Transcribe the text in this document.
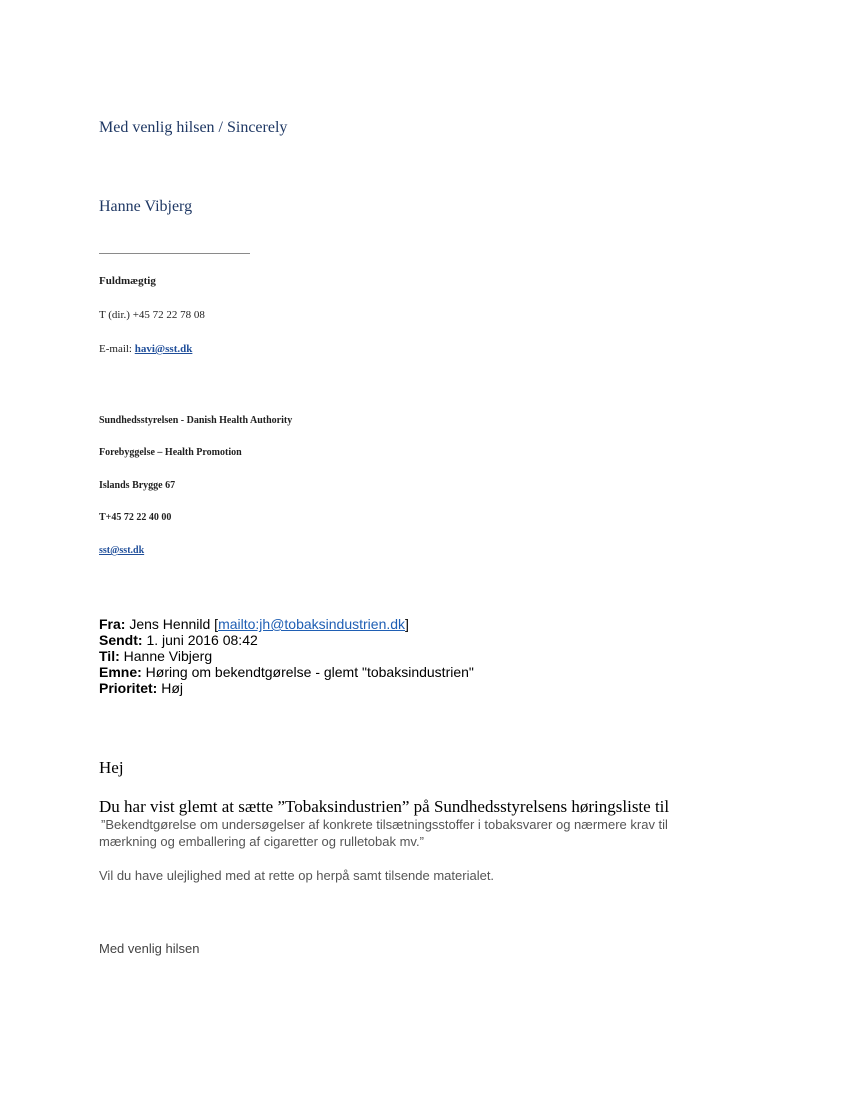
Med venlig hilsen / Sincerely
Hanne Vibjerg
Fuldmægtig
T (dir.) +45 72 22 78 08
E-mail: havi@sst.dk
Sundhedsstyrelsen - Danish Health Authority
Forebyggelse – Health Promotion
Islands Brygge 67
T+45 72 22 40 00
sst@sst.dk
Fra: Jens Hennild [mailto:jh@tobaksindustrien.dk]
Sendt: 1. juni 2016 08:42
Til: Hanne Vibjerg
Emne: Høring om bekendtgørelse - glemt "tobaksindustrien"
Prioritet: Høj
Hej
Du har vist glemt at sætte ”Tobaksindustrien” på Sundhedsstyrelsens høringsliste til
”Bekendtgørelse om undersøgelser af konkrete tilsætningsstoffer i tobaksvarer og nærmere krav til
mærkning og emballering af cigaretter og rulletobak mv.”
Vil du have ulejlighed med at rette op herpå samt tilsende materialet.
Med venlig hilsen
